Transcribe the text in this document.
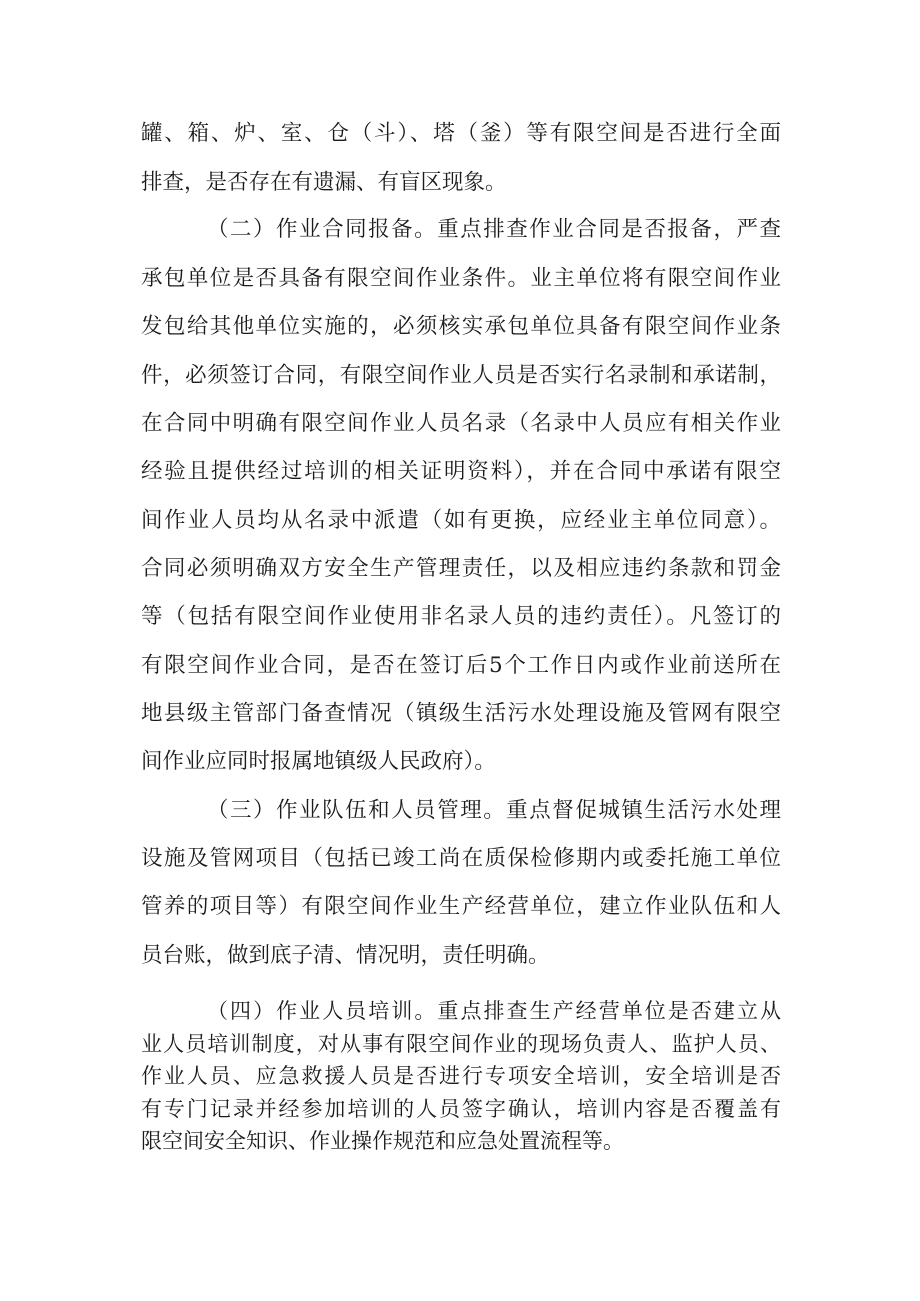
罐、箱、炉、室、仓（斗）、塔（釜）等有限空间是否进行全面
排查，是否存在有遗漏、有盲区现象。
（二）作业合同报备。重点排查作业合同是否报备，严查
承包单位是否具备有限空间作业条件。业主单位将有限空间作业
发包给其他单位实施的，必须核实承包单位具备有限空间作业条
件，必须签订合同，有限空间作业人员是否实行名录制和承诺制，
在合同中明确有限空间作业人员名录（名录中人员应有相关作业
经验且提供经过培训的相关证明资料），并在合同中承诺有限空
间作业人员均从名录中派遣（如有更换，应经业主单位同意）。
合同必须明确双方安全生产管理责任，以及相应违约条款和罚金
等（包括有限空间作业使用非名录人员的违约责任）。凡签订的
有限空间作业合同，是否在签订后5个工作日内或作业前送所在
地县级主管部门备查情况（镇级生活污水处理设施及管网有限空
间作业应同时报属地镇级人民政府）。
（三）作业队伍和人员管理。重点督促城镇生活污水处理
设施及管网项目（包括已竣工尚在质保检修期内或委托施工单位
管养的项目等）有限空间作业生产经营单位，建立作业队伍和人
员台账，做到底子清、情况明，责任明确。
（四）作业人员培训。重点排查生产经营单位是否建立从
业人员培训制度，对从事有限空间作业的现场负责人、监护人员、
作业人员、应急救援人员是否进行专项安全培训，安全培训是否
有专门记录并经参加培训的人员签字确认，培训内容是否覆盖有
限空间安全知识、作业操作规范和应急处置流程等。
